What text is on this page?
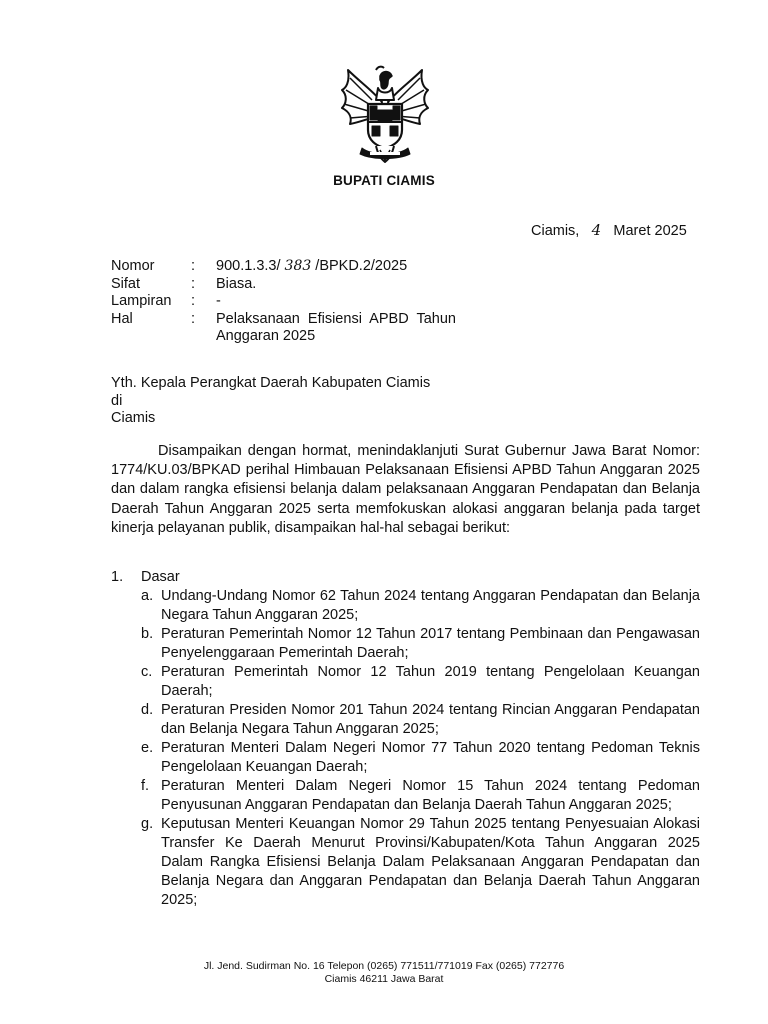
BUPATI CIAMIS
Ciamis, 4 Maret 2025
Nomor	:	900.1.3.3/ 383 /BPKD.2/2025
Sifat	:	Biasa.
Lampiran	:	-
Hal	:	Pelaksanaan Efisiensi APBD Tahun Anggaran 2025
Yth. Kepala Perangkat Daerah Kabupaten Ciamis
di
Ciamis

Disampaikan dengan hormat, menindaklanjuti Surat Gubernur Jawa Barat Nomor: 1774/KU.03/BPKAD perihal Himbauan Pelaksanaan Efisiensi APBD Tahun Anggaran 2025 dan dalam rangka efisiensi belanja dalam pelaksanaan Anggaran Pendapatan dan Belanja Daerah Tahun Anggaran 2025 serta memfokuskan alokasi anggaran belanja pada target kinerja pelayanan publik, disampaikan hal-hal sebagai berikut:

1.	Dasar
a. Undang-Undang Nomor 62 Tahun 2024 tentang Anggaran Pendapatan dan Belanja Negara Tahun Anggaran 2025;
b. Peraturan Pemerintah Nomor 12 Tahun 2017 tentang Pembinaan dan Pengawasan Penyelenggaraan Pemerintah Daerah;
c. Peraturan Pemerintah Nomor 12 Tahun 2019 tentang Pengelolaan Keuangan Daerah;
d. Peraturan Presiden Nomor 201 Tahun 2024 tentang Rincian Anggaran Pendapatan dan Belanja Negara Tahun Anggaran 2025;
e. Peraturan Menteri Dalam Negeri Nomor 77 Tahun 2020 tentang Pedoman Teknis Pengelolaan Keuangan Daerah;
f. Peraturan Menteri Dalam Negeri Nomor 15 Tahun 2024 tentang Pedoman Penyusunan Anggaran Pendapatan dan Belanja Daerah Tahun Anggaran 2025;
g. Keputusan Menteri Keuangan Nomor 29 Tahun 2025 tentang Penyesuaian Alokasi Transfer Ke Daerah Menurut Provinsi/Kabupaten/Kota Tahun Anggaran 2025 Dalam Rangka Efisiensi Belanja Dalam Pelaksanaan Anggaran Pendapatan dan Belanja Negara dan Anggaran Pendapatan dan Belanja Daerah Tahun Anggaran 2025;
Jl. Jend. Sudirman No. 16 Telepon (0265) 771511/771019 Fax (0265) 772776
Ciamis 46211 Jawa Barat
